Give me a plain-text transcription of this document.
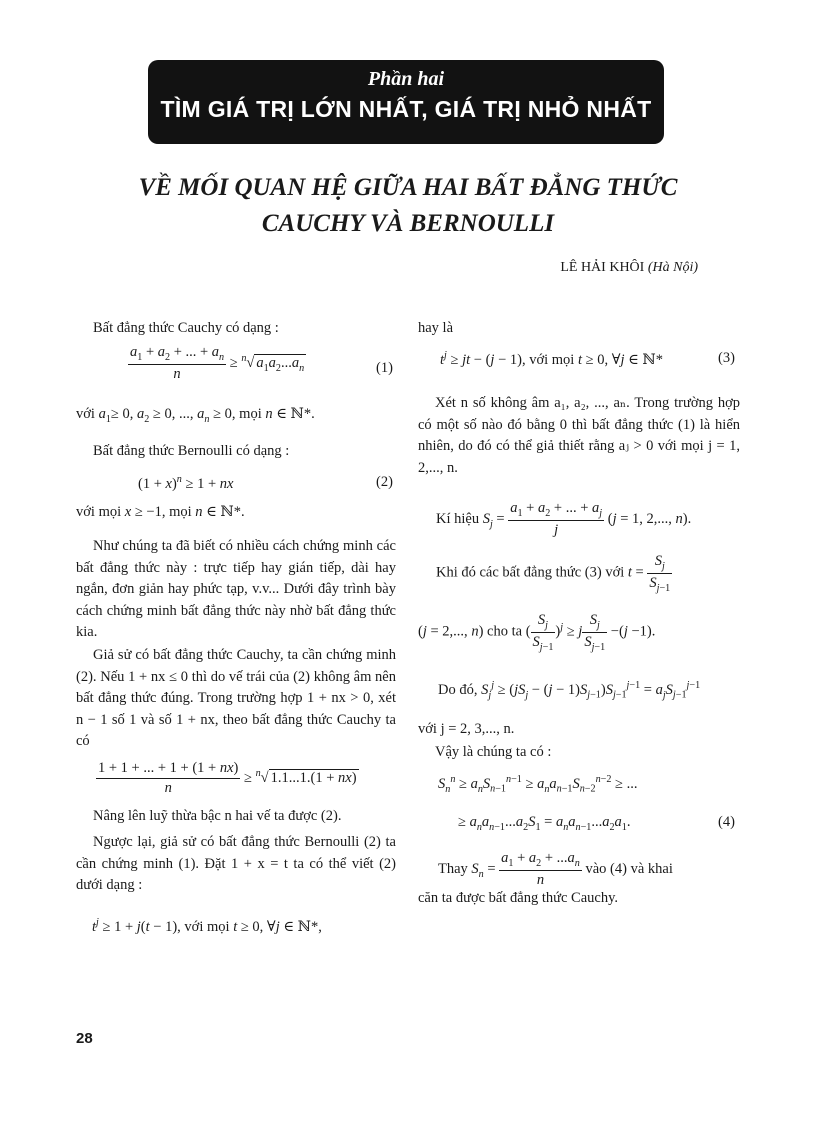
Phần hai
TÌM GIÁ TRỊ LỚN NHẤT, GIÁ TRỊ NHỎ NHẤT
VỀ MỐI QUAN HỆ GIỮA HAI BẤT ĐẲNG THỨC
CAUCHY VÀ BERNOULLI
LÊ HẢI KHÔI (Hà Nội)

Bất đẳng thức Cauchy có dạng :

$\frac{a_1 + a_2 + ... + a_n}{n} \ge ^n√$ $a_1a_2...a_n$	(1)
với $a_1\ge 0$, $a_2 \ge 0$, ..., $a_n \ge 0$, mọi n ∈ ℕ*.

Bất đẳng thức Bernoulli có dạng :

$(1 + x)^n \ge 1$ + nx	(2)
với mọi x ≥ −1, mọi n ∈ ℕ*.

Như chúng ta đã biết có nhiều cách chứng minh các bất đẳng thức này : trực tiếp hay gián tiếp, dài hay ngắn, đơn giản hay phức tạp, v.v... Dưới đây trình bày cách chứng minh bất đẳng thức này nhờ bất đẳng thức kia.

Giả sử có bất đẳng thức Cauchy, ta cần chứng minh (2). Nếu 1 + nx ≤ 0 thì do vế trái của (2) không âm nên bất đẳng thức đúng. Trong trường hợp 1 + nx > 0, xét n − 1 số 1 và số 1 + nx, theo bất đẳng thức Cauchy ta có

$\frac{1 + 1 + ... + 1 + (1 + nx)}{n} \ge ^n√$ 1.1...1.(1 + nx)

Nâng lên luỹ thừa bậc n hai vế ta được (2).

Ngược lại, giả sử có bất đẳng thức Bernoulli (2) ta cần chứng minh (1). Đặt 1 + x = t ta có thể viết (2) dưới dạng :

$t^j \ge 1 + j(t - 1)$, với mọi t ≥ 0, ∀j ∈ ℕ*,

hay là

$t^j$ ≥ jt − (j − 1), với mọi t ≥ 0, ∀j ∈ ℕ*	(3)

Xét n số không âm a₁, a₂, ..., aₙ. Trong trường hợp có một số nào đó bằng 0 thì bất đẳng thức (1) là hiển nhiên, do đó có thể giả thiết rằng aⱼ > 0 với mọi j = 1, 2,..., n.

Kí hiệu $S_j = \frac{a_1 + a_2 + ... + a_j}{j} (j = 1$, 2,..., n).
Khi đó các bất đẳng thức (3) với $t = \frac{S_j}{S_{j-1}}$
(j = 2,..., n) cho ta ( $\frac{S_j}{S_{j-1}} )^j \ge j \frac{S_j}{S_{j-1}} -(j -1)$.
Do đó, $S_j^j \ge (jS_j - (j - 1)S_{j-1})S_{j-1}^{j-1} = a_jS_{j-1}^{j-1}$

với j = 2, 3,..., n.

Vậy là chúng ta có :

$S_n^n \ge a_nS_{n-1}^{n-1} \ge a_na_{n-1}S_{n-2}^{n-2}$ ≥ ...
≥ $a_na_{n-1}...a_2S_1 = a_na_{n-1}...a_2a_1$.	(4)
Thay $S_n = \frac{a_1 + a_2 + ...a_n}{n}$ vào (4) và khai

căn ta được bất đẳng thức Cauchy.

28
